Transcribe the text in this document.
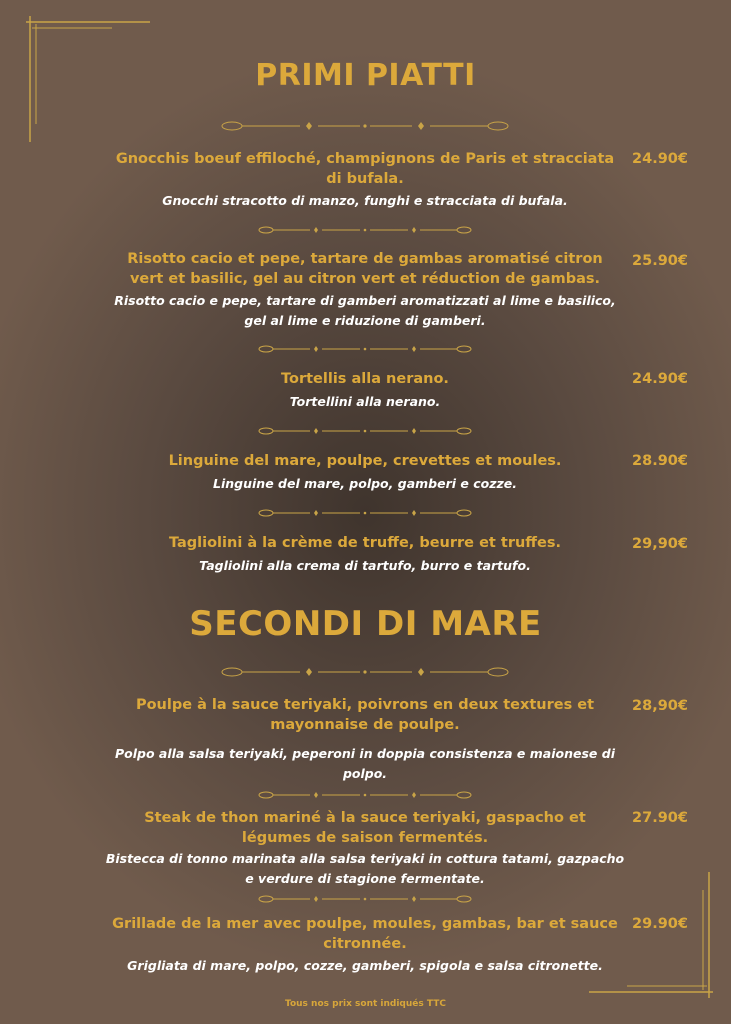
PRIMI PIATTI
Gnocchis boeuf effiloché, champignons de Paris et stracciata di bufala.
Gnocchi stracotto di manzo, funghi e stracciata di bufala.
24.90€
Risotto cacio et pepe, tartare de gambas aromatisé citron vert et basilic, gel au citron vert et réduction de gambas.
Risotto cacio e pepe, tartare di gamberi aromatizzati al lime e basilico, gel al lime e riduzione di gamberi.
25.90€
Tortellis alla nerano.
Tortellini alla nerano.
24.90€
Linguine del mare, poulpe, crevettes et moules.
Linguine del mare, polpo, gamberi e cozze.
28.90€
Tagliolini à la crème de truffe, beurre et truffes.
Tagliolini alla crema di tartufo, burro e tartufo.
29,90€
SECONDI DI MARE
Poulpe à la sauce teriyaki, poivrons en deux textures et mayonnaise de poulpe.
Polpo alla salsa teriyaki, peperoni in doppia consistenza e maionese di polpo.
28,90€
Steak de thon mariné à la sauce teriyaki, gaspacho et légumes de saison fermentés.
Bistecca di tonno marinata alla salsa teriyaki in cottura tatami, gazpacho e verdure di stagione fermentate.
27.90€
Grillade de la mer avec poulpe, moules, gambas, bar et sauce citronnée.
Grigliata di mare, polpo, cozze, gamberi, spigola e salsa citronette.
29.90€
Tous nos prix sont indiqués TTC
